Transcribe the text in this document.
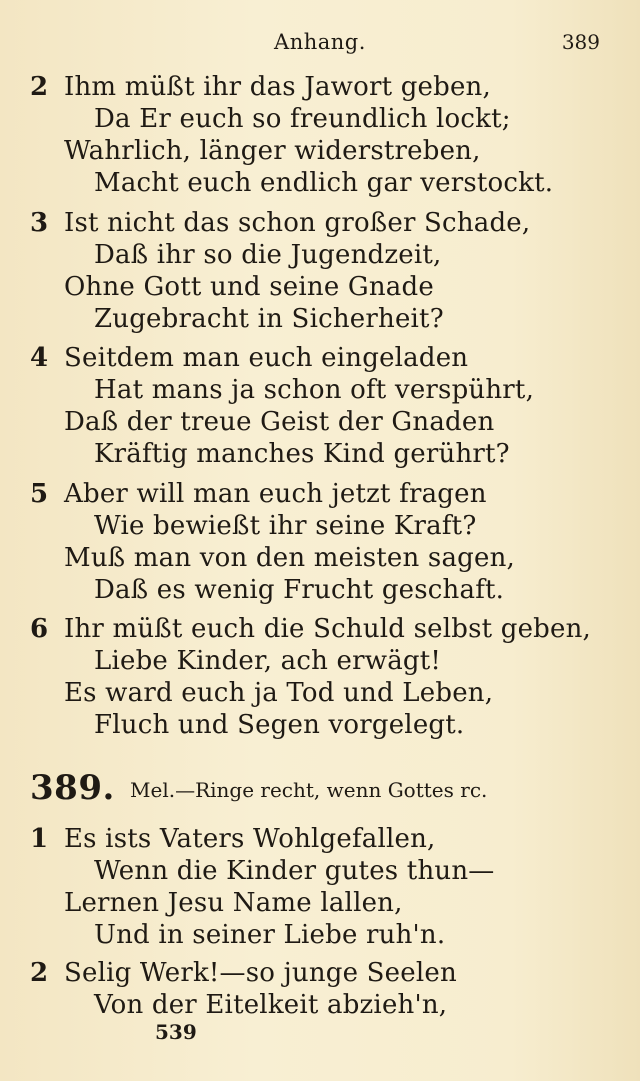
Anhang.	389
2 Ihm müßt ihr das Jawort geben,
Da Er euch so freundlich lockt;
Wahrlich, länger widerstreben,
Macht euch endlich gar verstockt.
3 Ist nicht das schon großer Schade,
Daß ihr so die Jugendzeit,
Ohne Gott und seine Gnade
Zugebracht in Sicherheit?
4 Seitdem man euch eingeladen
Hat mans ja schon oft verspührt,
Daß der treue Geist der Gnaden
Kräftig manches Kind gerührt?
5 Aber will man euch jetzt fragen
Wie bewießt ihr seine Kraft?
Muß man von den meisten sagen,
Daß es wenig Frucht geschaft.
6 Ihr müßt euch die Schuld selbst geben,
Liebe Kinder, ach erwägt!
Es ward euch ja Tod und Leben,
Fluch und Segen vorgelegt.
389. Mel.—Ringe recht, wenn Gottes rc.
1 Es ists Vaters Wohlgefallen,
Wenn die Kinder gutes thun—
Lernen Jesu Name lallen,
Und in seiner Liebe ruh'n.
2 Selig Werk!—so junge Seelen
Von der Eitelkeit abzieh'n,
539
